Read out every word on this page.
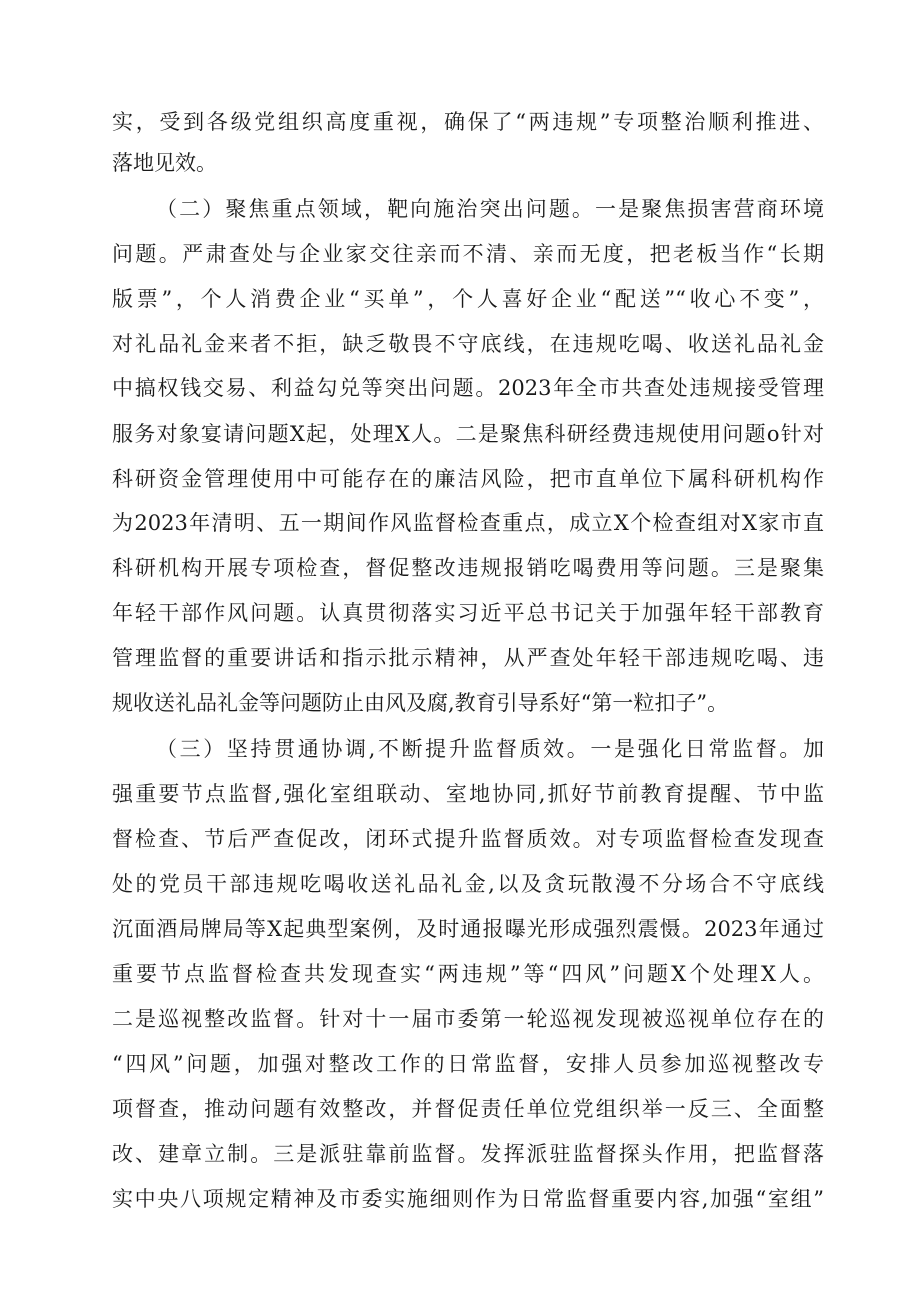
实，受到各级党组织高度重视，确保了“两违规”专项整治顺利推进、
落地见效。
（二）聚焦重点领域，靶向施治突出问题。一是聚焦损害营商环境
问题。严肃查处与企业家交往亲而不清、亲而无度，把老板当作“长期
版票”，个人消费企业“买单”，个人喜好企业“配送”“收心不变”，
对礼品礼金来者不拒，缺乏敬畏不守底线，在违规吃喝、收送礼品礼金
中搞权钱交易、利益勾兑等突出问题。2023年全市共查处违规接受管理
服务对象宴请问题X起，处理X人。二是聚焦科研经费违规使用问题o针对
科研资金管理使用中可能存在的廉洁风险，把市直单位下属科研机构作
为2023年清明、五一期间作风监督检查重点，成立X个检查组对X家市直
科研机构开展专项检查，督促整改违规报销吃喝费用等问题。三是聚集
年轻干部作风问题。认真贯彻落实习近平总书记关于加强年轻干部教育
管理监督的重要讲话和指示批示精神，从严查处年轻干部违规吃喝、违
规收送礼品礼金等问题防止由风及腐,教育引导系好“第一粒扣子”。
（三）坚持贯通协调,不断提升监督质效。一是强化日常监督。加
强重要节点监督,强化室组联动、室地协同,抓好节前教育提醒、节中监
督检查、节后严查促改，闭环式提升监督质效。对专项监督检查发现查
处的党员干部违规吃喝收送礼品礼金,以及贪玩散漫不分场合不守底线
沉面酒局牌局等X起典型案例，及时通报曝光形成强烈震慑。2023年通过
重要节点监督检查共发现查实“两违规”等“四风”问题X个处理X人。
二是巡视整改监督。针对十一届市委第一轮巡视发现被巡视单位存在的
“四风”问题，加强对整改工作的日常监督，安排人员参加巡视整改专
项督查，推动问题有效整改，并督促责任单位党组织举一反三、全面整
改、建章立制。三是派驻靠前监督。发挥派驻监督探头作用，把监督落
实中央八项规定精神及市委实施细则作为日常监督重要内容,加强“室组”
